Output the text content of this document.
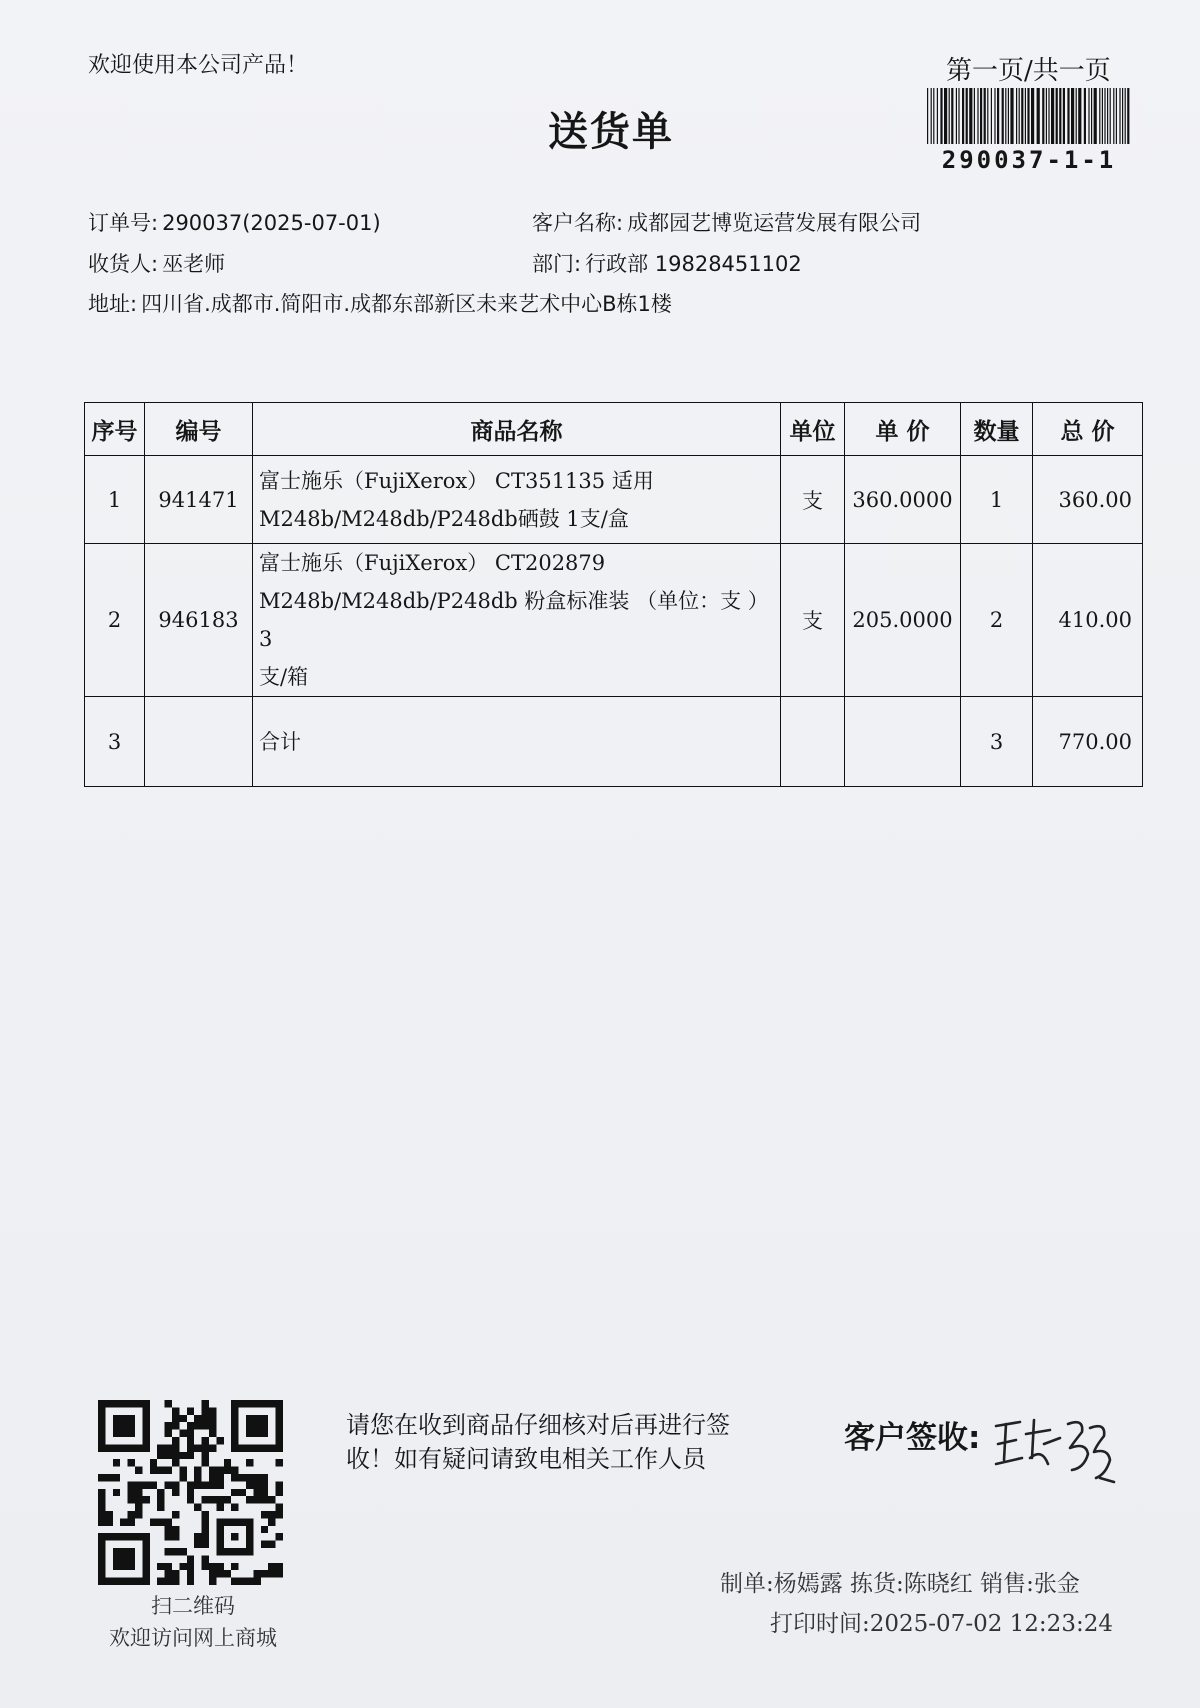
欢迎使用本公司产品！	第一页/共一页
送货单
290037-1-1
订单号: 290037(2025-07-01)	客户名称: 成都园艺博览运营发展有限公司
收货人: 巫老师	部门: 行政部 19828451102
地址: 四川省.成都市.简阳市.成都东部新区未来艺术中心B栋1楼
序号	编号	商品名称	单位	单 价	数量	总 价
1	941471	富士施乐（FujiXerox） CT351135 适用
M248b/M248db/P248db硒鼓 1支/盒	支	360.0000	1	360.00
2	946183	富士施乐（FujiXerox） CT202879
M248b/M248db/P248db 粉盒标准装 （单位：支 ）3
支/箱	支	205.0000	2	410.00
3		合计			3	770.00
扫二维码
欢迎访问网上商城
请您在收到商品仔细核对后再进行签收！如有疑问请致电相关工作人员
客户签收:
制单:杨嫣露 拣货:陈晓红 销售:张金
打印时间:2025-07-02 12:23:24
